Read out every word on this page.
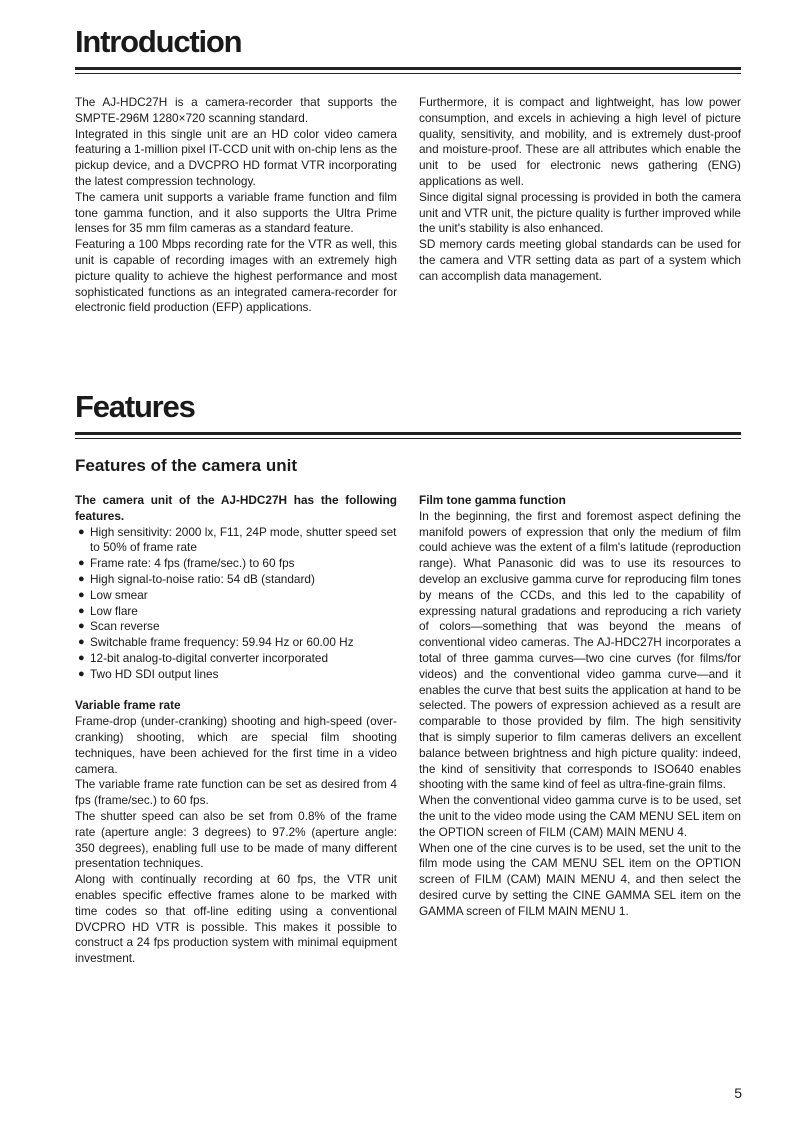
Introduction

The AJ-HDC27H is a camera-recorder that supports the SMPTE-296M 1280×720 scanning standard.

Integrated in this single unit are an HD color video camera featuring a 1-million pixel IT-CCD unit with on-chip lens as the pickup device, and a DVCPRO HD format VTR incorporating the latest compression technology.

The camera unit supports a variable frame function and film tone gamma function, and it also supports the Ultra Prime lenses for 35 mm film cameras as a standard feature.

Featuring a 100 Mbps recording rate for the VTR as well, this unit is capable of recording images with an extremely high picture quality to achieve the highest performance and most sophisticated functions as an integrated camera-recorder for electronic field production (EFP) applications.

Furthermore, it is compact and lightweight, has low power consumption, and excels in achieving a high level of picture quality, sensitivity, and mobility, and is extremely dust-proof and moisture-proof. These are all attributes which enable the unit to be used for electronic news gathering (ENG) applications as well.

Since digital signal processing is provided in both the camera unit and VTR unit, the picture quality is further improved while the unit's stability is also enhanced.

SD memory cards meeting global standards can be used for the camera and VTR setting data as part of a system which can accomplish data management.

Features
Features of the camera unit

The camera unit of the AJ-HDC27H has the following features.

● High sensitivity: 2000 lx, F11, 24P mode, shutter speed set to 50% of frame rate
● Frame rate: 4 fps (frame/sec.) to 60 fps
● High signal-to-noise ratio: 54 dB (standard)
● Low smear
● Low flare
● Scan reverse
● Switchable frame frequency: 59.94 Hz or 60.00 Hz
● 12-bit analog-to-digital converter incorporated
● Two HD SDI output lines

Variable frame rate

Frame-drop (under-cranking) shooting and high-speed (over-cranking) shooting, which are special film shooting techniques, have been achieved for the first time in a video camera.

The variable frame rate function can be set as desired from 4 fps (frame/sec.) to 60 fps.

The shutter speed can also be set from 0.8% of the frame rate (aperture angle: 3 degrees) to 97.2% (aperture angle: 350 degrees), enabling full use to be made of many different presentation techniques.

Along with continually recording at 60 fps, the VTR unit enables specific effective frames alone to be marked with time codes so that off-line editing using a conventional DVCPRO HD VTR is possible. This makes it possible to construct a 24 fps production system with minimal equipment investment.

Film tone gamma function

In the beginning, the first and foremost aspect defining the manifold powers of expression that only the medium of film could achieve was the extent of a film's latitude (reproduction range). What Panasonic did was to use its resources to develop an exclusive gamma curve for reproducing film tones by means of the CCDs, and this led to the capability of expressing natural gradations and reproducing a rich variety of colors—something that was beyond the means of conventional video cameras. The AJ-HDC27H incorporates a total of three gamma curves—two cine curves (for films/for videos) and the conventional video gamma curve—and it enables the curve that best suits the application at hand to be selected. The powers of expression achieved as a result are comparable to those provided by film. The high sensitivity that is simply superior to film cameras delivers an excellent balance between brightness and high picture quality: indeed, the kind of sensitivity that corresponds to ISO640 enables shooting with the same kind of feel as ultra-fine-grain films.

When the conventional video gamma curve is to be used, set the unit to the video mode using the CAM MENU SEL item on the OPTION screen of FILM (CAM) MAIN MENU 4.

When one of the cine curves is to be used, set the unit to the film mode using the CAM MENU SEL item on the OPTION screen of FILM (CAM) MAIN MENU 4, and then select the desired curve by setting the CINE GAMMA SEL item on the GAMMA screen of FILM MAIN MENU 1.

5
